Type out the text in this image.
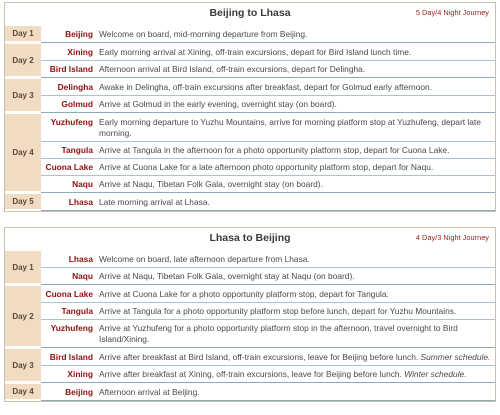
Beijing to Lhasa	5 Day/4 Night Journey
Day 1	Beijing Welcome on board, mid-morning departure from Beijing.
Day 2
Xining Early morning arrival at Xining, off-train excursions, depart for Bird Island lunch time.
Bird Island Afternoon arrival at Bird Island, off-train excursions, depart for Delingha.
Day 3
Delingha Awake in Delingha, off-train excursions after breakfast, depart for Golmud early afternoon.
Golmud Arrive at Golmud in the early evening, overnight stay (on board).
Day 4
Yuzhufeng Early morning departure to Yuzhu Mountains, arrive for morning platform stop at Yuzhufeng, depart late morning.
Tangula Arrive at Tangula in the afternoon for a photo opportunity platform stop, depart for Cuona Lake.
Cuona Lake Arrive at Cuona Lake for a late afternoon photo opportunity platform stop, depart for Naqu.
Naqu Arrive at Naqu, Tibetan Folk Gala, overnight stay (on board).
Day 5	Lhasa Late morning arrival at Lhasa.
Lhasa to Beijing	4 Day/3 Night Journey
Day 1
Lhasa Welcome on board, late afternoon departure from Lhasa.
Naqu Arrive at Naqu, Tibetan Folk Gala, overnight stay at Naqu (on board).
Day 2
Cuona Lake Arrive at Cuona Lake for a photo opportunity platform stop, depart for Tangula.
Tangula Arrive at Tangula for a photo opportunity platform stop before lunch, depart for Yuzhu Mountains.
Yuzhufeng Arrive at Yuzhufeng for a photo opportunity platform stop in the afternoon, travel overnight to Bird Island/Xining.
Day 3
Bird Island Arrive after breakfast at Bird Island, off-train excursions, leave for Beijing before lunch. Summer schedule.
Xining Arrive after breakfast at Xining, off-train excursions, leave for Beijing before lunch. Winter schedule.
Day 4	Beijing Afternoon arrival at Beijing.
